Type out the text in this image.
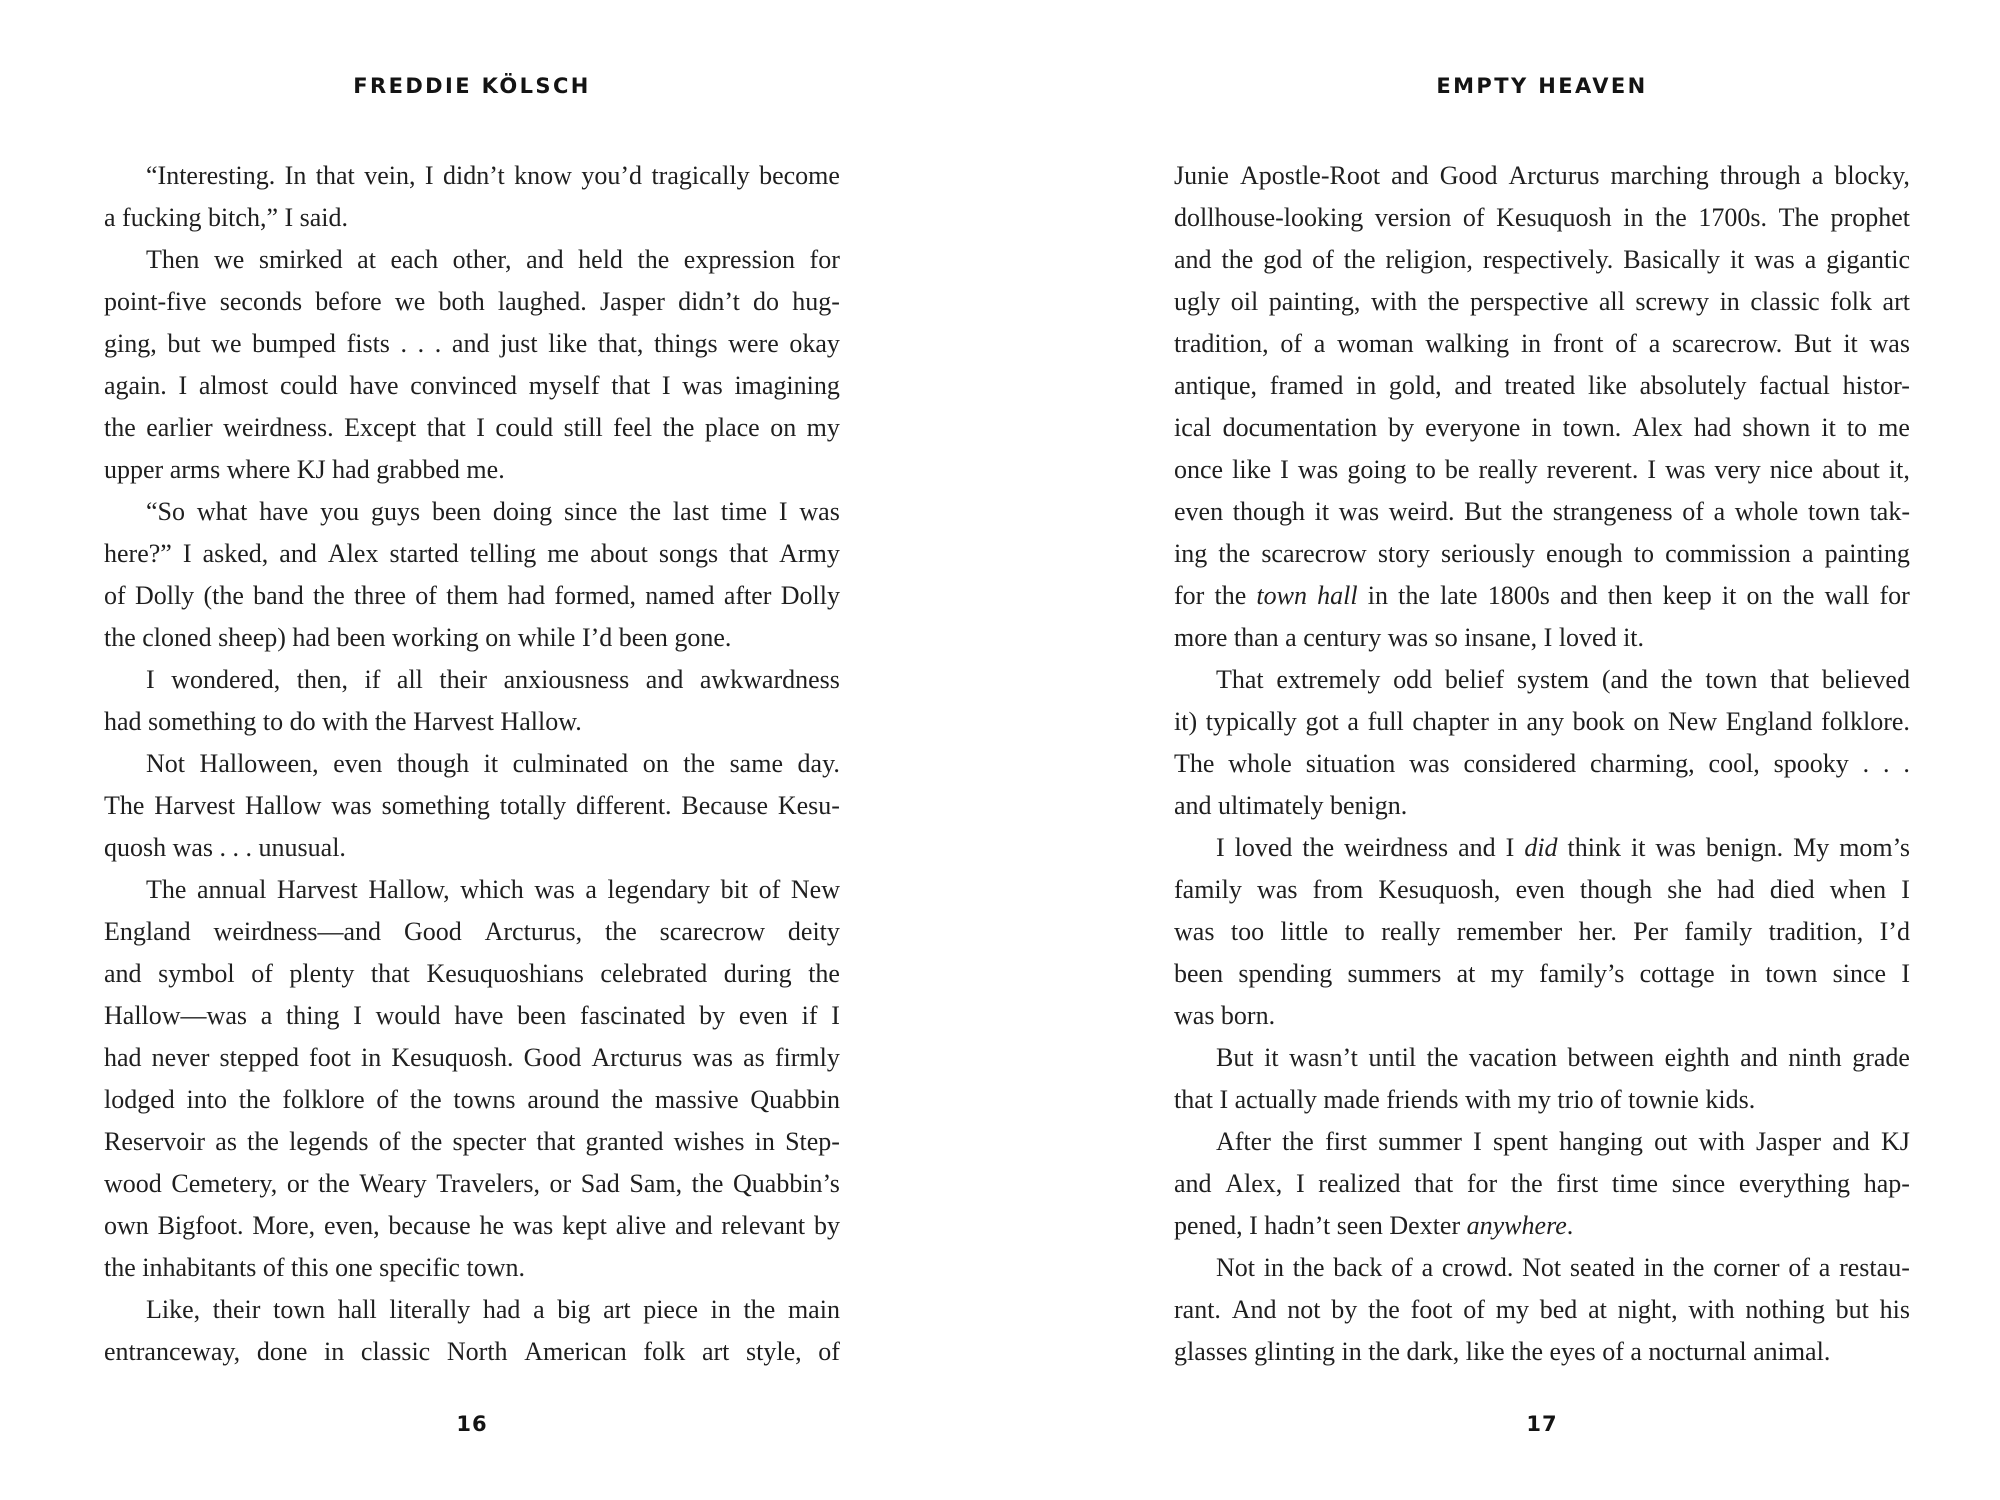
FREDDIE KÖLSCH
“Interesting. In that vein, I didn’t know you’d tragically become
a fucking bitch,” I said.
Then we smirked at each other, and held the expression for
point-five seconds before we both laughed. Jasper didn’t do hug-
ging, but we bumped fists . . . and just like that, things were okay
again. I almost could have convinced myself that I was imagining
the earlier weirdness. Except that I could still feel the place on my
upper arms where KJ had grabbed me.
“So what have you guys been doing since the last time I was
here?” I asked, and Alex started telling me about songs that Army
of Dolly (the band the three of them had formed, named after Dolly
the cloned sheep) had been working on while I’d been gone.
I wondered, then, if all their anxiousness and awkwardness
had something to do with the Harvest Hallow.
Not Halloween, even though it culminated on the same day.
The Harvest Hallow was something totally different. Because Kesu-
quosh was . . . unusual.
The annual Harvest Hallow, which was a legendary bit of New
England weirdness—and Good Arcturus, the scarecrow deity
and symbol of plenty that Kesuquoshians celebrated during the
Hallow—was a thing I would have been fascinated by even if I
had never stepped foot in Kesuquosh. Good Arcturus was as firmly
lodged into the folklore of the towns around the massive Quabbin
Reservoir as the legends of the specter that granted wishes in Step-
wood Cemetery, or the Weary Travelers, or Sad Sam, the Quabbin’s
own Bigfoot. More, even, because he was kept alive and relevant by
the inhabitants of this one specific town.
Like, their town hall literally had a big art piece in the main
entranceway, done in classic North American folk art style, of
16
EMPTY HEAVEN
Junie Apostle-Root and Good Arcturus marching through a blocky,
dollhouse-looking version of Kesuquosh in the 1700s. The prophet
and the god of the religion, respectively. Basically it was a gigantic
ugly oil painting, with the perspective all screwy in classic folk art
tradition, of a woman walking in front of a scarecrow. But it was
antique, framed in gold, and treated like absolutely factual histor-
ical documentation by everyone in town. Alex had shown it to me
once like I was going to be really reverent. I was very nice about it,
even though it was weird. But the strangeness of a whole town tak-
ing the scarecrow story seriously enough to commission a painting
for the town hall in the late 1800s and then keep it on the wall for
more than a century was so insane, I loved it.
That extremely odd belief system (and the town that believed
it) typically got a full chapter in any book on New England folklore.
The whole situation was considered charming, cool, spooky . . .
and ultimately benign.
I loved the weirdness and I did think it was benign. My mom’s
family was from Kesuquosh, even though she had died when I
was too little to really remember her. Per family tradition, I’d
been spending summers at my family’s cottage in town since I
was born.
But it wasn’t until the vacation between eighth and ninth grade
that I actually made friends with my trio of townie kids.
After the first summer I spent hanging out with Jasper and KJ
and Alex, I realized that for the first time since everything hap-
pened, I hadn’t seen Dexter anywhere.
Not in the back of a crowd. Not seated in the corner of a restau-
rant. And not by the foot of my bed at night, with nothing but his
glasses glinting in the dark, like the eyes of a nocturnal animal.
17
